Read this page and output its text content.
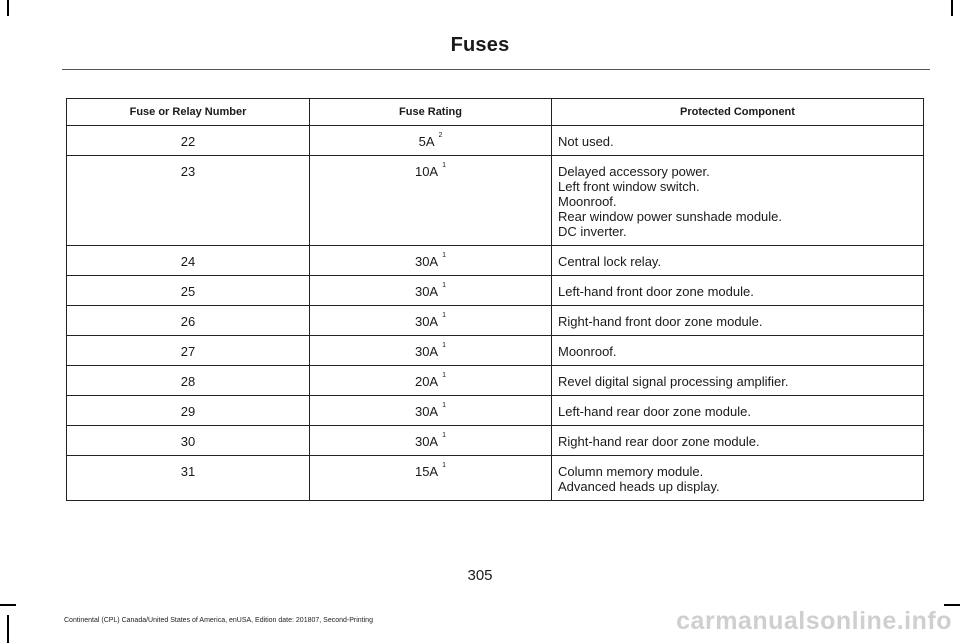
Fuses
Fuse or Relay Number	Fuse Rating	Protected Component
22	5A $^2$	Not used.

23	10A $^1$	Delayed accessory power.
Left front window switch.
Moonroof.
Rear window power sunshade module.
DC inverter.

24	30A $^1$	Central lock relay.

25	30A $^1$	Left-hand front door zone module.

26	30A $^1$	Right-hand front door zone module.

27	30A $^1$	Moonroof.

28	20A $^1$	Revel digital signal processing amplifier.

29	30A $^1$	Left-hand rear door zone module.

30	30A $^1$	Right-hand rear door zone module.

31	15A $^1$	Column memory module.
Advanced heads up display.
305
Continental (CPL) Canada/United States of America, enUSA, Edition date: 201807, Second-Printing	carmanualsonline.info
